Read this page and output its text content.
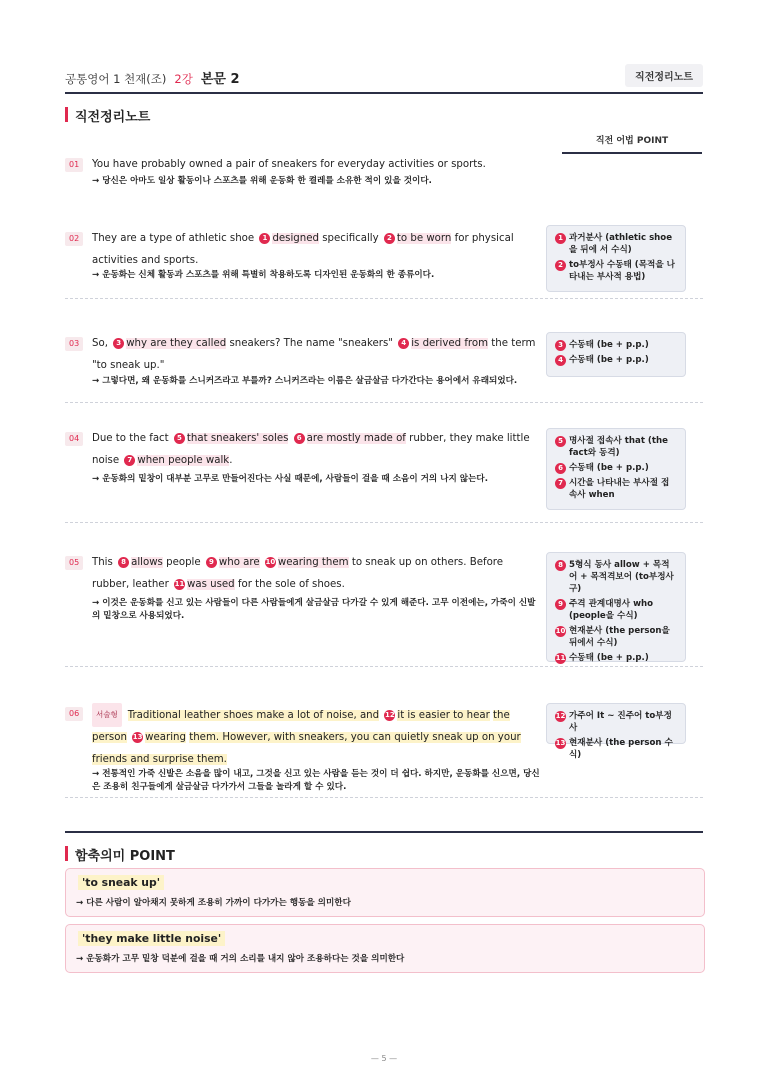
공통영어 1 천재(조) 2강 본문 2	직전정리노트
직전정리노트
직전 어법 POINT
01	You have probably owned a pair of sneakers for everyday activities or sports.
→ 당신은 아마도 일상 활동이나 스포츠를 위해 운동화 한 켤레를 소유한 적이 있을 것이다.
02	They are a type of athletic shoe 1 designed specifically 2 to be worn for physical activities and sports.
→ 운동화는 신체 활동과 스포츠를 위해 특별히 착용하도록 디자인된 운동화의 한 종류이다.
1 과거분사 (athletic shoe을 뒤에 서 수식)
2 to부정사 수동태 (목적을 나타내는 부사적 용법)
03	So, 3 why are they called sneakers? The name "sneakers" 4 is derived from the term "to sneak up."
→ 그렇다면, 왜 운동화를 스니커즈라고 부를까? 스니커즈라는 이름은 살금살금 다가간다는 용어에서 유래되었다.
3 수동태 (be + p.p.)
4 수동태 (be + p.p.)
04	Due to the fact 5 that sneakers' soles 6 are mostly made of rubber, they make little noise 7 when people walk.
→ 운동화의 밑창이 대부분 고무로 만들어진다는 사실 때문에, 사람들이 걸을 때 소음이 거의 나지 않는다.
5 명사절 접속사 that (the fact와 동격)
6 수동태 (be + p.p.)
7 시간을 나타내는 부사절 접속사 when
05	This 8 allows people 9 who are 10 wearing them to sneak up on others. Before rubber, leather 11 was used for the sole of shoes.
→ 이것은 운동화를 신고 있는 사람들이 다른 사람들에게 살금살금 다가갈 수 있게 해준다. 고무 이전에는, 가죽이 신발의 밑창으로 사용되었다.
8 5형식 동사 allow + 목적어 + 목적격보어 (to부정사구)
9 주격 관계대명사 who (people을 수식)
10 현재분사 (the person을 뒤에서 수식)
11 수동태 (be + p.p.)
06	서술형 Traditional leather shoes make a lot of noise, and 12 it is easier to hear the person 13 wearing them. However, with sneakers, you can quietly sneak up on your friends and surprise them.
→ 전통적인 가죽 신발은 소음을 많이 내고, 그것을 신고 있는 사람을 듣는 것이 더 쉽다. 하지만, 운동화를 신으면, 당신은 조용히 친구들에게 살금살금 다가가서 그들을 놀라게 할 수 있다.
12 가주어 It ~ 진주어 to부정사
13 현재분사 (the person 수식)
함축의미 POINT
'to sneak up'
→ 다른 사람이 알아채지 못하게 조용히 가까이 다가가는 행동을 의미한다
'they make little noise'
→ 운동화가 고무 밑창 덕분에 걸을 때 거의 소리를 내지 않아 조용하다는 것을 의미한다
— 5 —
